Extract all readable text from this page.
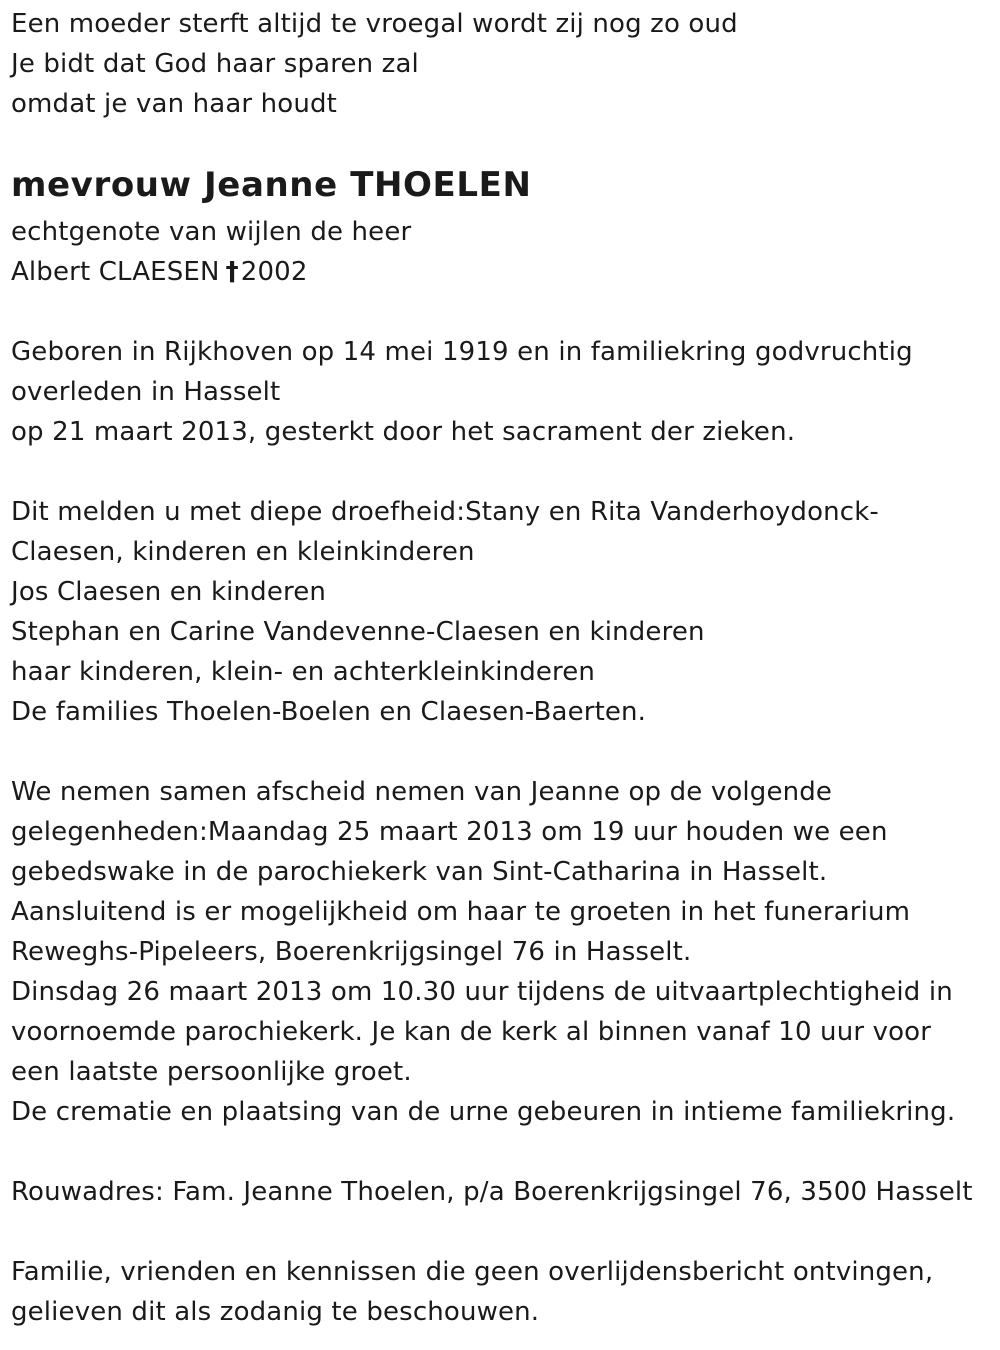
Een moeder sterft altijd te vroegal wordt zij nog zo oud
Je bidt dat God haar sparen zal
omdat je van haar houdt
mevrouw Jeanne THOELEN
echtgenote van wijlen de heer
Albert CLAESEN †2002
Geboren in Rijkhoven op 14 mei 1919 en in familiekring godvruchtig
overleden in Hasselt
op 21 maart 2013, gesterkt door het sacrament der zieken.
Dit melden u met diepe droefheid:Stany en Rita Vanderhoydonck-
Claesen, kinderen en kleinkinderen
Jos Claesen en kinderen
Stephan en Carine Vandevenne-Claesen en kinderen
haar kinderen, klein- en achterkleinkinderen
De families Thoelen-Boelen en Claesen-Baerten.
We nemen samen afscheid nemen van Jeanne op de volgende
gelegenheden:Maandag 25 maart 2013 om 19 uur houden we een
gebedswake in de parochiekerk van Sint-Catharina in Hasselt.
Aansluitend is er mogelijkheid om haar te groeten in het funerarium
Reweghs-Pipeleers, Boerenkrijgsingel 76 in Hasselt.
Dinsdag 26 maart 2013 om 10.30 uur tijdens de uitvaartplechtigheid in
voornoemde parochiekerk. Je kan de kerk al binnen vanaf 10 uur voor
een laatste persoonlijke groet.
De crematie en plaatsing van de urne gebeuren in intieme familiekring.
Rouwadres: Fam. Jeanne Thoelen, p/a Boerenkrijgsingel 76, 3500 Hasselt
Familie, vrienden en kennissen die geen overlijdensbericht ontvingen,
gelieven dit als zodanig te beschouwen.
